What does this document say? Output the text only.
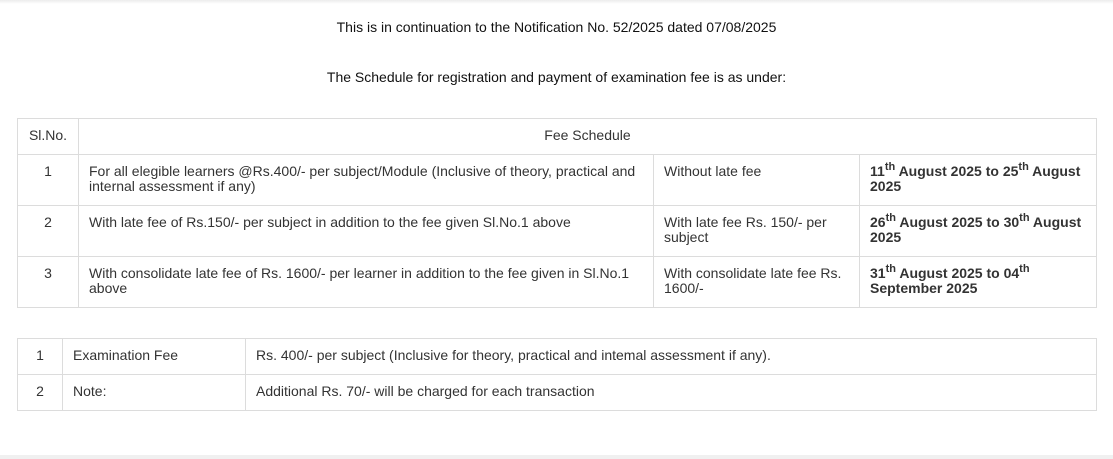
This is in continuation to the Notification No. 52/2025 dated 07/08/2025
The Schedule for registration and payment of examination fee is as under:
Sl.No.	Fee Schedule		
1	For all elegible learners @Rs.400/- per subject/Module (Inclusive of theory, practical and internal assessment if any)	Without late fee	11th August 2025 to 25th August 2025
2	With late fee of Rs.150/- per subject in addition to the fee given Sl.No.1 above	With late fee Rs. 150/- per subject	26th August 2025 to 30th August 2025
3	With consolidate late fee of Rs. 1600/- per learner in addition to the fee given in Sl.No.1 above	With consolidate late fee Rs. 1600/-	31th August 2025 to 04th September 2025
1	Examination Fee	Rs. 400/- per subject (Inclusive for theory, practical and intemal assessment if any).
2	Note:	Additional Rs. 70/- will be charged for each transaction
